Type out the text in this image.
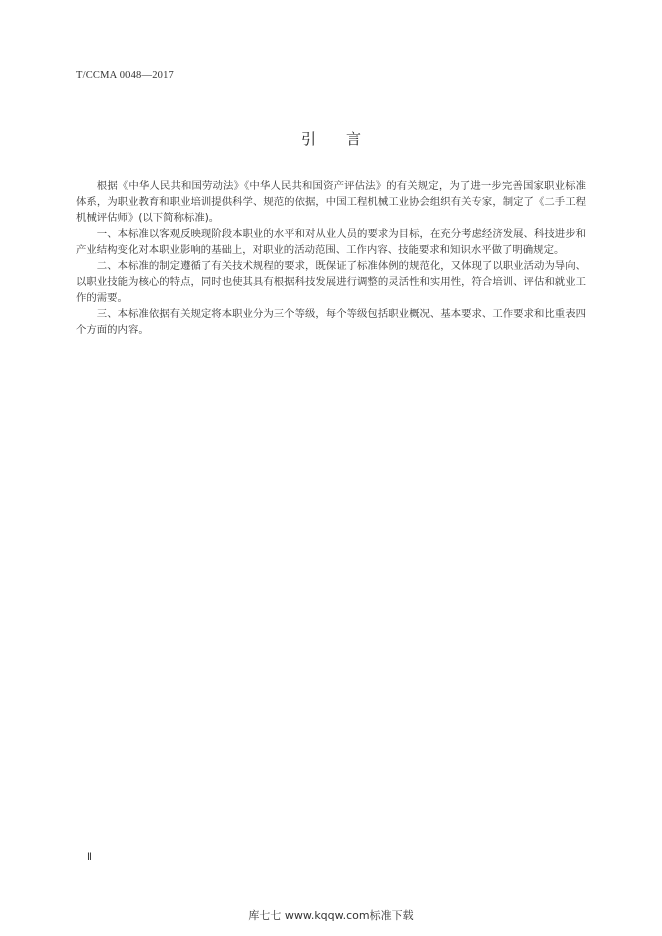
T/CCMA 0048—2017
引言

根据《中华人民共和国劳动法》《中华人民共和国资产评估法》的有关规定，为了进一步完善国家职业标准体系，为职业教育和职业培训提供科学、规范的依据，中国工程机械工业协会组织有关专家，制定了《二手工程机械评估师》(以下简称标准)。

一、本标准以客观反映现阶段本职业的水平和对从业人员的要求为目标，在充分考虑经济发展、科技进步和产业结构变化对本职业影响的基础上，对职业的活动范围、工作内容、技能要求和知识水平做了明确规定。

二、本标准的制定遵循了有关技术规程的要求，既保证了标准体例的规范化，又体现了以职业活动为导向、以职业技能为核心的特点，同时也使其具有根据科技发展进行调整的灵活性和实用性，符合培训、评估和就业工作的需要。

三、本标准依据有关规定将本职业分为三个等级，每个等级包括职业概况、基本要求、工作要求和比重表四个方面的内容。

Ⅱ
库七七 www.kqqw.com标准下载
